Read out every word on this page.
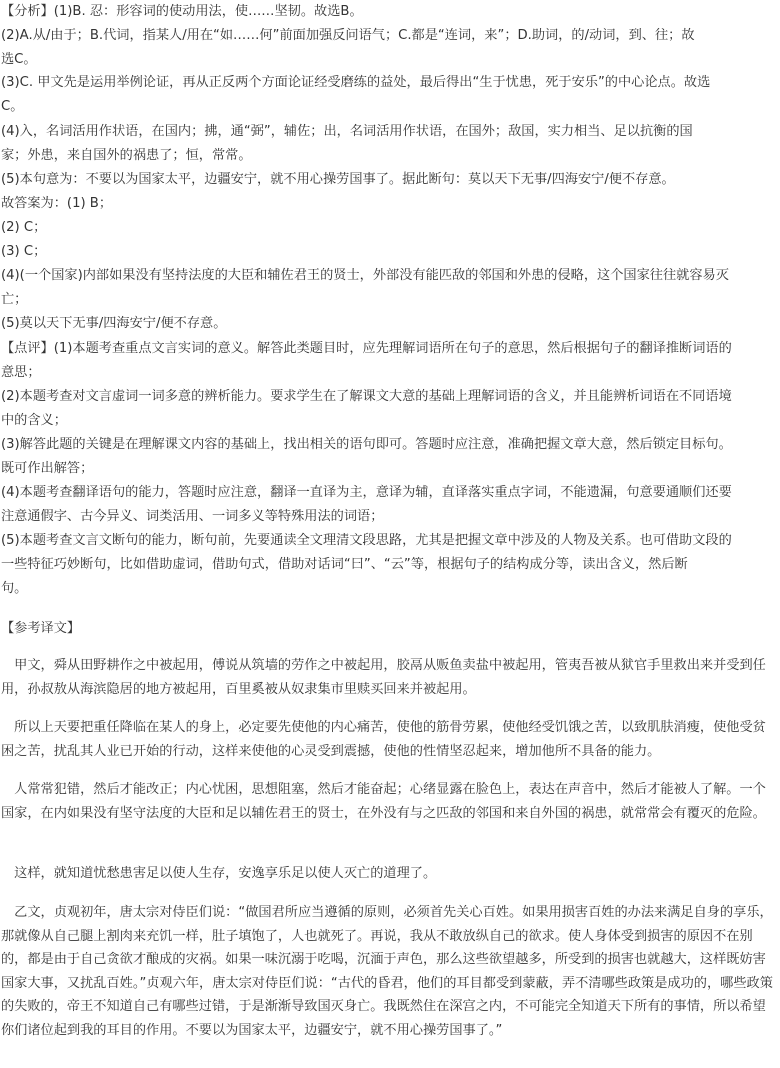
【分析】(1)B. 忍：形容词的使动用法，使……坚韧。故选B。
(2)A.从/由于；B.代词，指某人/用在“如……何”前面加强反问语气；C.都是“连词，来”；D.助词，的/动词，到、往；故
选C。
(3)C. 甲文先是运用举例论证，再从正反两个方面论证经受磨练的益处，最后得出“生于忧患，死于安乐”的中心论点。故选
C。
(4)入，名词活用作状语，在国内；拂，通“弼”，辅佐；出，名词活用作状语，在国外；敌国，实力相当、足以抗衡的国
家；外患，来自国外的祸患了；恒，常常。
(5)本句意为：不要以为国家太平，边疆安宁，就不用心操劳国事了。据此断句：莫以天下无事/四海安宁/便不存意。
故答案为：(1) B；
(2) C；
(3) C；
(4)(一个国家)内部如果没有坚持法度的大臣和辅佐君王的贤士，外部没有能匹敌的邻国和外患的侵略，这个国家往往就容易灭
亡；
(5)莫以天下无事/四海安宁/便不存意。
【点评】(1)本题考查重点文言实词的意义。解答此类题目时，应先理解词语所在句子的意思，然后根据句子的翻译推断词语的
意思；
(2)本题考查对文言虚词一词多意的辨析能力。要求学生在了解课文大意的基础上理解词语的含义，并且能辨析词语在不同语境
中的含义；
(3)解答此题的关键是在理解课文内容的基础上，找出相关的语句即可。答题时应注意，准确把握文章大意，然后锁定目标句。
既可作出解答；
(4)本题考查翻译语句的能力，答题时应注意，翻译一直译为主，意译为辅，直译落实重点字词，不能遗漏，句意要通顺们还要
注意通假字、古今异义、词类活用、一词多义等特殊用法的词语；
(5)本题考查文言文断句的能力，断句前，先要通读全文理清文段思路，尤其是把握文章中涉及的人物及关系。也可借助文段的
一些特征巧妙断句，比如借助虚词，借助句式，借助对话词“曰”、“云”等，根据句子的结构成分等，读出含义，然后断
句。
【参考译文】

　甲文，舜从田野耕作之中被起用，傅说从筑墙的劳作之中被起用，胶鬲从贩鱼卖盐中被起用，管夷吾被从狱官手里救出来并受到任用，孙叔敖从海滨隐居的地方被起用，百里奚被从奴隶集市里赎买回来并被起用。

　所以上天要把重任降临在某人的身上，必定要先使他的内心痛苦，使他的筋骨劳累，使他经受饥饿之苦，以致肌肤消瘦，使他受贫困之苦，扰乱其人业已开始的行动，这样来使他的心灵受到震撼，使他的性情坚忍起来，增加他所不具备的能力。

　人常常犯错，然后才能改正；内心忧困，思想阻塞，然后才能奋起；心绪显露在脸色上，表达在声音中，然后才能被人了解。一个国家，在内如果没有坚守法度的大臣和足以辅佐君王的贤士，在外没有与之匹敌的邻国和来自外国的祸患，就常常会有覆灭的危险。

　这样，就知道忧愁患害足以使人生存，安逸享乐足以使人灭亡的道理了。

　乙文，贞观初年，唐太宗对侍臣们说：“做国君所应当遵循的原则，必须首先关心百姓。如果用损害百姓的办法来满足自身的享乐，那就像从自己腿上割肉来充饥一样，肚子填饱了，人也就死了。再说，我从不敢放纵自己的欲求。使人身体受到损害的原因不在别的，都是由于自己贪欲才酿成的灾祸。如果一味沉溺于吃喝，沉湎于声色，那么这些欲望越多，所受到的损害也就越大，这样既妨害国家大事，又扰乱百姓。”贞观六年，唐太宗对侍臣们说：“古代的昏君，他们的耳目都受到蒙蔽，弄不清哪些政策是成功的，哪些政策的失败的，帝王不知道自己有哪些过错，于是渐渐导致国灭身亡。我既然住在深宫之内，不可能完全知道天下所有的事情，所以希望你们诸位起到我的耳目的作用。不要以为国家太平，边疆安宁，就不用心操劳国事了。”
